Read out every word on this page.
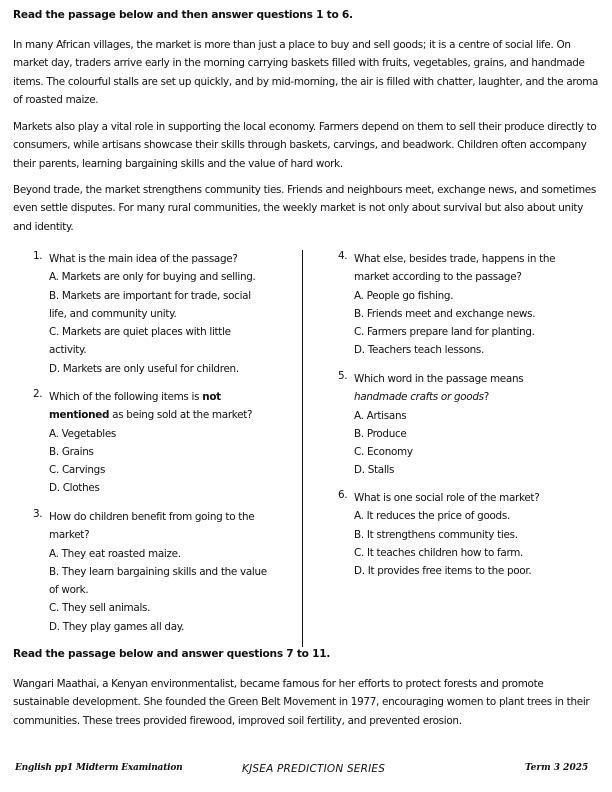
Read the passage below and then answer questions 1 to 6.
In many African villages, the market is more than just a place to buy and sell goods; it is a centre of social life. On market day, traders arrive early in the morning carrying baskets filled with fruits, vegetables, grains, and handmade items. The colourful stalls are set up quickly, and by mid-morning, the air is filled with chatter, laughter, and the aroma of roasted maize.
Markets also play a vital role in supporting the local economy. Farmers depend on them to sell their produce directly to consumers, while artisans showcase their skills through baskets, carvings, and beadwork. Children often accompany their parents, learning bargaining skills and the value of hard work.
Beyond trade, the market strengthens community ties. Friends and neighbours meet, exchange news, and sometimes even settle disputes. For many rural communities, the weekly market is not only about survival but also about unity and identity.
1. What is the main idea of the passage?
A. Markets are only for buying and selling.
B. Markets are important for trade, social
life, and community unity.
C. Markets are quiet places with little
activity.
D. Markets are only useful for children.
2. Which of the following items is not
mentioned as being sold at the market?
A. Vegetables
B. Grains
C. Carvings
D. Clothes
3. How do children benefit from going to the
market?
A. They eat roasted maize.
B. They learn bargaining skills and the value
of work.
C. They sell animals.
D. They play games all day.
4. What else, besides trade, happens in the
market according to the passage?
A. People go fishing.
B. Friends meet and exchange news.
C. Farmers prepare land for planting.
D. Teachers teach lessons.
5. Which word in the passage means
handmade crafts or goods?
A. Artisans
B. Produce
C. Economy
D. Stalls
6. What is one social role of the market?
A. It reduces the price of goods.
B. It strengthens community ties.
C. It teaches children how to farm.
D. It provides free items to the poor.
Read the passage below and answer questions 7 to 11.
Wangari Maathai, a Kenyan environmentalist, became famous for her efforts to protect forests and promote sustainable development. She founded the Green Belt Movement in 1977, encouraging women to plant trees in their communities. These trees provided firewood, improved soil fertility, and prevented erosion.
English pp1 Midterm Examination	KJSEA PREDICTION SERIES	Term 3 2025
